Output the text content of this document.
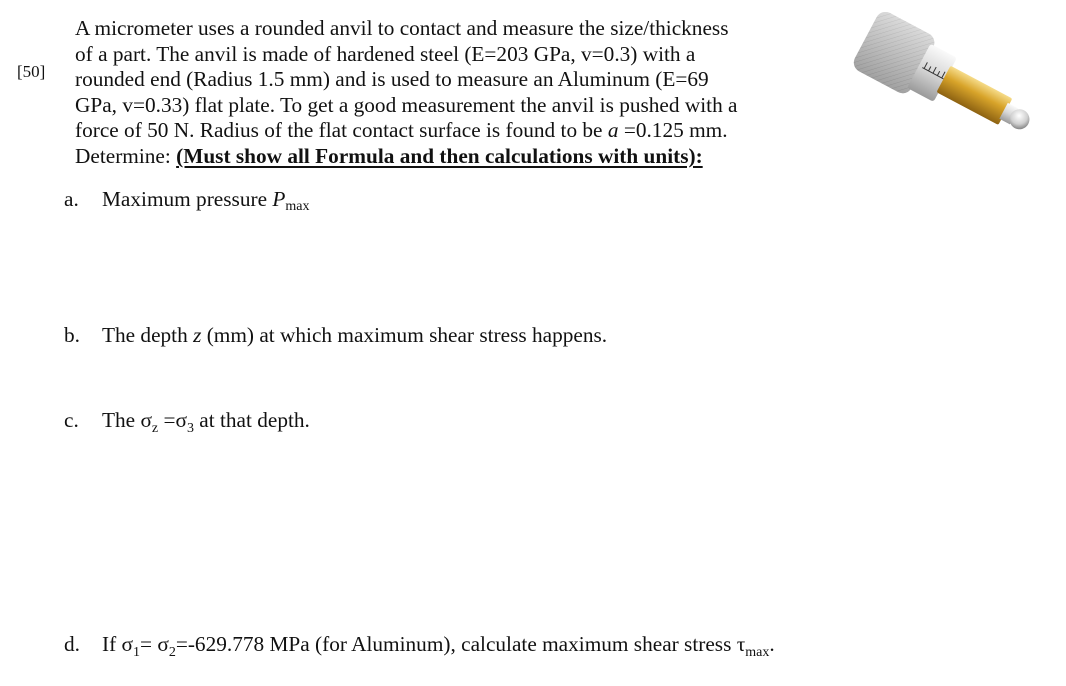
[50]
A micrometer uses a rounded anvil to contact and measure the size/thickness
of a part. The anvil is made of hardened steel (E=203 GPa, v=0.3) with a
rounded end (Radius 1.5 mm) and is used to measure an Aluminum (E=69
GPa, v=0.33) flat plate. To get a good measurement the anvil is pushed with a
force of 50 N. Radius of the flat contact surface is found to be a =0.125 mm.
Determine: (Must show all Formula and then calculations with units):
a. Maximum pressure $P_{max}$
b. The depth z (mm) at which maximum shear stress happens.
c. The $\sigma_z =\sigma_3$ at that depth.
d. If $\sigma_1= \sigma_2=-629.778$ MPa (for Aluminum), calculate maximum shear stress $\tau_{max}$.
